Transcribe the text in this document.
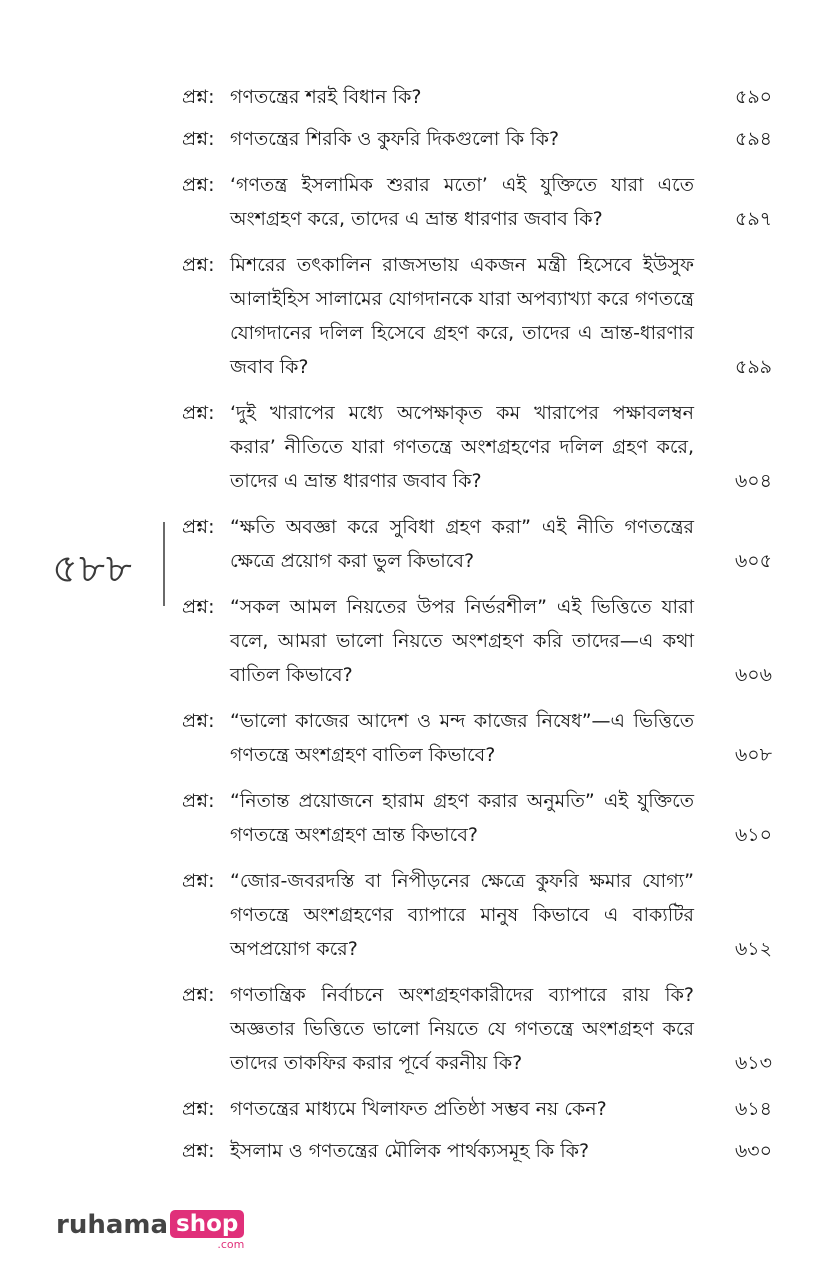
৫৮৮
প্রশ্ন: গণতন্ত্রের শরই বিধান কি?	৫৯০
প্রশ্ন: গণতন্ত্রের শিরকি ও কুফরি দিকগুলো কি কি?	৫৯৪
প্রশ্ন: ‘গণতন্ত্র ইসলামিক শুরার মতো’ এই যুক্তিতে যারা এতে অংশগ্রহণ করে, তাদের এ ভ্রান্ত ধারণার জবাব কি?	৫৯৭
প্রশ্ন: মিশরের তৎকালিন রাজসভায় একজন মন্ত্রী হিসেবে ইউসুফ আলাইহিস সালামের যোগদানকে যারা অপব্যাখ্যা করে গণতন্ত্রে যোগদানের দলিল হিসেবে গ্রহণ করে, তাদের এ ভ্রান্ত-ধারণার জবাব কি?	৫৯৯
প্রশ্ন: ‘দুই খারাপের মধ্যে অপেক্ষাকৃত কম খারাপের পক্ষাবলম্বন করার’ নীতিতে যারা গণতন্ত্রে অংশগ্রহণের দলিল গ্রহণ করে, তাদের এ ভ্রান্ত ধারণার জবাব কি?	৬০৪
প্রশ্ন: “ক্ষতি অবজ্ঞা করে সুবিধা গ্রহণ করা” এই নীতি গণতন্ত্রের ক্ষেত্রে প্রয়োগ করা ভুল কিভাবে?	৬০৫
প্রশ্ন: “সকল আমল নিয়তের উপর নির্ভরশীল” এই ভিত্তিতে যারা বলে, আমরা ভালো নিয়তে অংশগ্রহণ করি তাদের—এ কথা বাতিল কিভাবে?	৬০৬
প্রশ্ন: “ভালো কাজের আদেশ ও মন্দ কাজের নিষেধ”—এ ভিত্তিতে গণতন্ত্রে অংশগ্রহণ বাতিল কিভাবে?	৬০৮
প্রশ্ন: “নিতান্ত প্রয়োজনে হারাম গ্রহণ করার অনুমতি” এই যুক্তিতে গণতন্ত্রে অংশগ্রহণ ভ্রান্ত কিভাবে?	৬১০
প্রশ্ন: “জোর-জবরদস্তি বা নিপীড়নের ক্ষেত্রে কুফরি ক্ষমার যোগ্য” গণতন্ত্রে অংশগ্রহণের ব্যাপারে মানুষ কিভাবে এ বাক্যটির অপপ্রয়োগ করে?	৬১২
প্রশ্ন: গণতান্ত্রিক নির্বাচনে অংশগ্রহণকারীদের ব্যাপারে রায় কি? অজ্ঞতার ভিত্তিতে ভালো নিয়তে যে গণতন্ত্রে অংশগ্রহণ করে তাদের তাকফির করার পূর্বে করনীয় কি?	৬১৩
প্রশ্ন: গণতন্ত্রের মাধ্যমে খিলাফত প্রতিষ্ঠা সম্ভব নয় কেন?	৬১৪
প্রশ্ন: ইসলাম ও গণতন্ত্রের মৌলিক পার্থক্যসমূহ কি কি?	৬৩০
ruhama shop
.com
